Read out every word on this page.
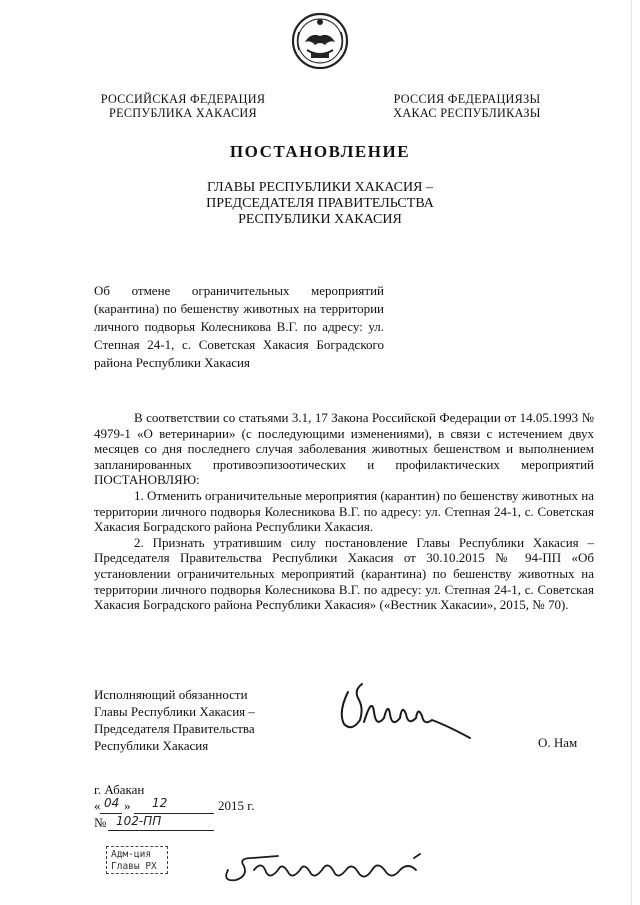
РОССИЙСКАЯ ФЕДЕРАЦИЯ
РЕСПУБЛИКА ХАКАСИЯ
РОССИЯ ФЕДЕРАЦИЯЗЫ
ХАКАС РЕСПУБЛИКАЗЫ
ПОСТАНОВЛЕНИЕ
ГЛАВЫ РЕСПУБЛИКИ ХАКАСИЯ –
ПРЕДСЕДАТЕЛЯ ПРАВИТЕЛЬСТВА
РЕСПУБЛИКИ ХАКАСИЯ
Об отмене ограничительных мероприятий (карантина) по бешенству животных на территории личного подворья Колесникова В.Г. по адресу: ул. Степная 24-1, с. Советская Хакасия Боградского района Республики Хакасия

В соответствии со статьями 3.1, 17 Закона Российской Федерации от 14.05.1993 № 4979-1 «О ветеринарии» (с последующими изменениями), в связи с истечением двух месяцев со дня последнего случая заболевания животных бешенством и выполнением запланированных противоэпизоотических и профилактических мероприятий ПОСТАНОВЛЯЮ:

1. Отменить ограничительные мероприятия (карантин) по бешенству животных на территории личного подворья Колесникова В.Г. по адресу: ул. Степная 24-1, с. Советская Хакасия Боградского района Республики Хакасия.

2. Признать утратившим силу постановление Главы Республики Хакасия – Председателя Правительства Республики Хакасия от 30.10.2015 № 94-ПП «Об установлении ограничительных мероприятий (карантина) по бешенству животных на территории личного подворья Колесникова В.Г. по адресу: ул. Степная 24-1, с. Советская Хакасия Боградского района Республики Хакасия» («Вестник Хакасии», 2015, № 70).

Исполняющий обязанности
Главы Республики Хакасия –
Председателя Правительства
Республики Хакасия	О. Нам
г. Абакан
« 04 » 12	2015 г.
№ 102-ПП
Адм-ция
Главы РХ
